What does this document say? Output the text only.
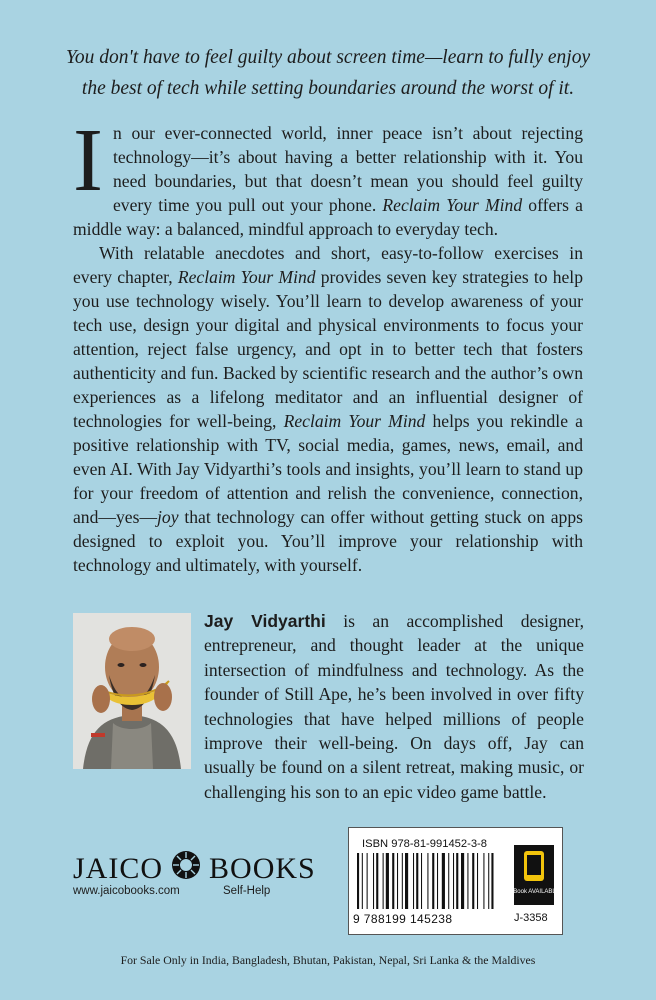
You don't have to feel guilty about screen time—learn to fully enjoy
the best of tech while setting boundaries around the worst of it.

In our ever-connected world, inner peace isn’t about rejecting technology—it’s about having a better relationship with it. You need boundaries, but that doesn’t mean you should feel guilty every time you pull out your phone. Reclaim Your Mind offers a middle way: a balanced, mindful approach to everyday tech.

With relatable anecdotes and short, easy-to-follow exercises in every chapter, Reclaim Your Mind provides seven key strategies to help you use technology wisely. You’ll learn to develop awareness of your tech use, design your digital and physical environments to focus your attention, reject false urgency, and opt in to better tech that fosters authenticity and fun. Backed by scientific research and the author’s own experiences as a lifelong meditator and an influential designer of technologies for well-being, Reclaim Your Mind helps you rekindle a positive relationship with TV, social media, games, news, email, and even AI. With Jay Vidyarthi’s tools and insights, you’ll learn to stand up for your freedom of attention and relish the convenience, connection, and—yes—joy that technology can offer without getting stuck on apps designed to exploit you. You’ll improve your relationship with technology and ultimately, with yourself.

Jay Vidyarthi is an accomplished designer, entrepreneur, and thought leader at the unique intersection of mindfulness and technology. As the founder of Still Ape, he’s been involved in over fifty technologies that have helped millions of people improve their well-being. On days off, Jay can usually be found on a silent retreat, making music, or challenging his son to an epic video game battle.
JAICO BOOKS
www.jaicobooks.com	Self-Help
ISBN 978-81-991452-3-8
9 788199 145238
e Book AVAILABLE
J-3358
For Sale Only in India, Bangladesh, Bhutan, Pakistan, Nepal, Sri Lanka & the Maldives
